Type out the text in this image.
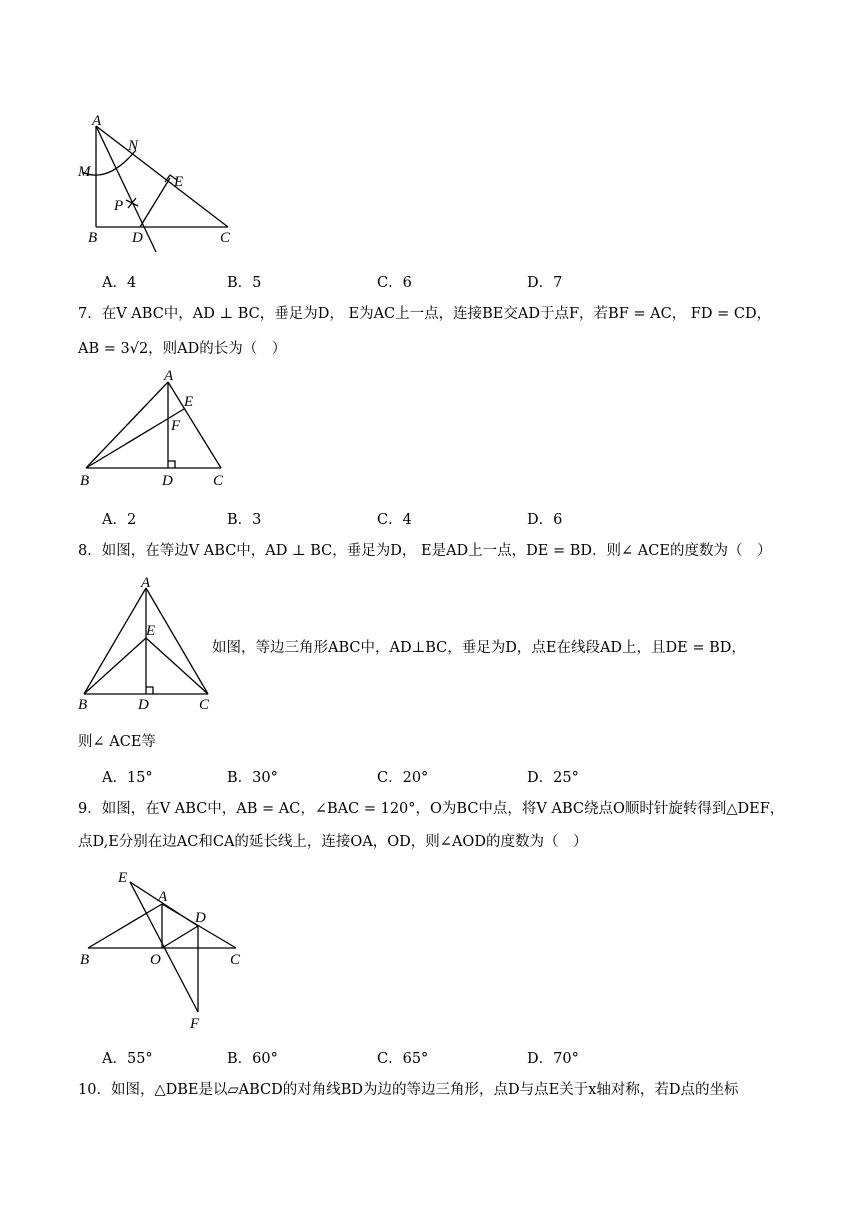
A
M
N
E
P
B D	C
A．4	B．5	C．6	D．7
7．在V ABC中，AD ⊥ BC，垂足为D， E为AC上一点，连接BE交AD于点F，若BF = AC， FD = CD，
AB = 3√2，则AD的长为（　）
A
E
F
B	D	C
A．2	B．3	C．4	D．6
8．如图，在等边V ABC中，AD ⊥ BC，垂足为D， E是AD上一点，DE = BD．则∠ ACE的度数为（　）
A
E
B	D	C
如图，等边三角形ABC中，AD⊥BC，垂足为D，点E在线段AD上，且DE = BD，
则∠ ACE等
A．15°	B．30°	C．20°	D．25°
9．如图，在V ABC中，AB = AC，∠BAC = 120°，O为BC中点，将V ABC绕点O顺时针旋转得到△DEF，
点D,E分别在边AC和CA的延长线上，连接OA，OD，则∠AOD的度数为（　）
E
A
D
B	O	C
F
A．55°	B．60°	C．65°	D．70°
10．如图，△DBE是以▱ABCD的对角线BD为边的等边三角形，点D与点E关于x轴对称，若D点的坐标
